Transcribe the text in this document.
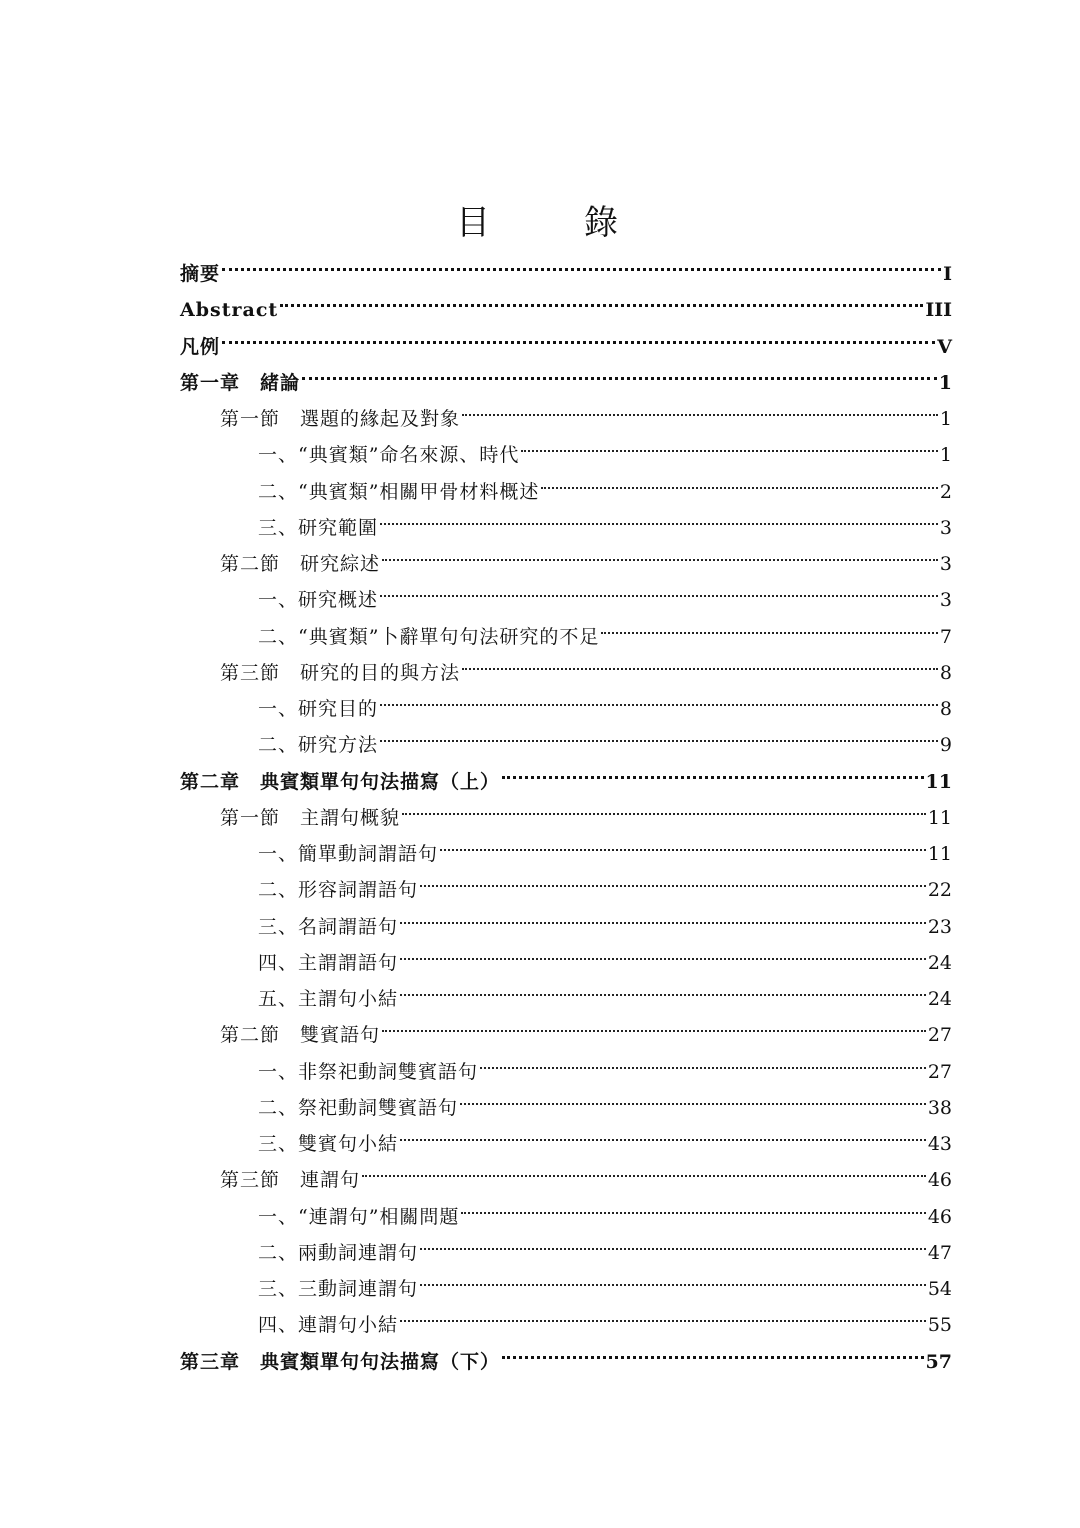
目　錄
摘要	I
Abstract	III
凡例	V
第一章　緒論	1
第一節　選題的緣起及對象	1
一、“典賓類”命名來源、時代	1
二、“典賓類”相關甲骨材料概述	2
三、研究範圍	3
第二節　研究綜述	3
一、研究概述	3
二、“典賓類”卜辭單句句法研究的不足	7
第三節　研究的目的與方法	8
一、研究目的	8
二、研究方法	9
第二章　典賓類單句句法描寫（上）	11
第一節　主謂句概貌	11
一、簡單動詞謂語句	11
二、形容詞謂語句	22
三、名詞謂語句	23
四、主謂謂語句	24
五、主謂句小結	24
第二節　雙賓語句	27
一、非祭祀動詞雙賓語句	27
二、祭祀動詞雙賓語句	38
三、雙賓句小結	43
第三節　連謂句	46
一、“連謂句”相關問題	46
二、兩動詞連謂句	47
三、三動詞連謂句	54
四、連謂句小結	55
第三章　典賓類單句句法描寫（下）	57
